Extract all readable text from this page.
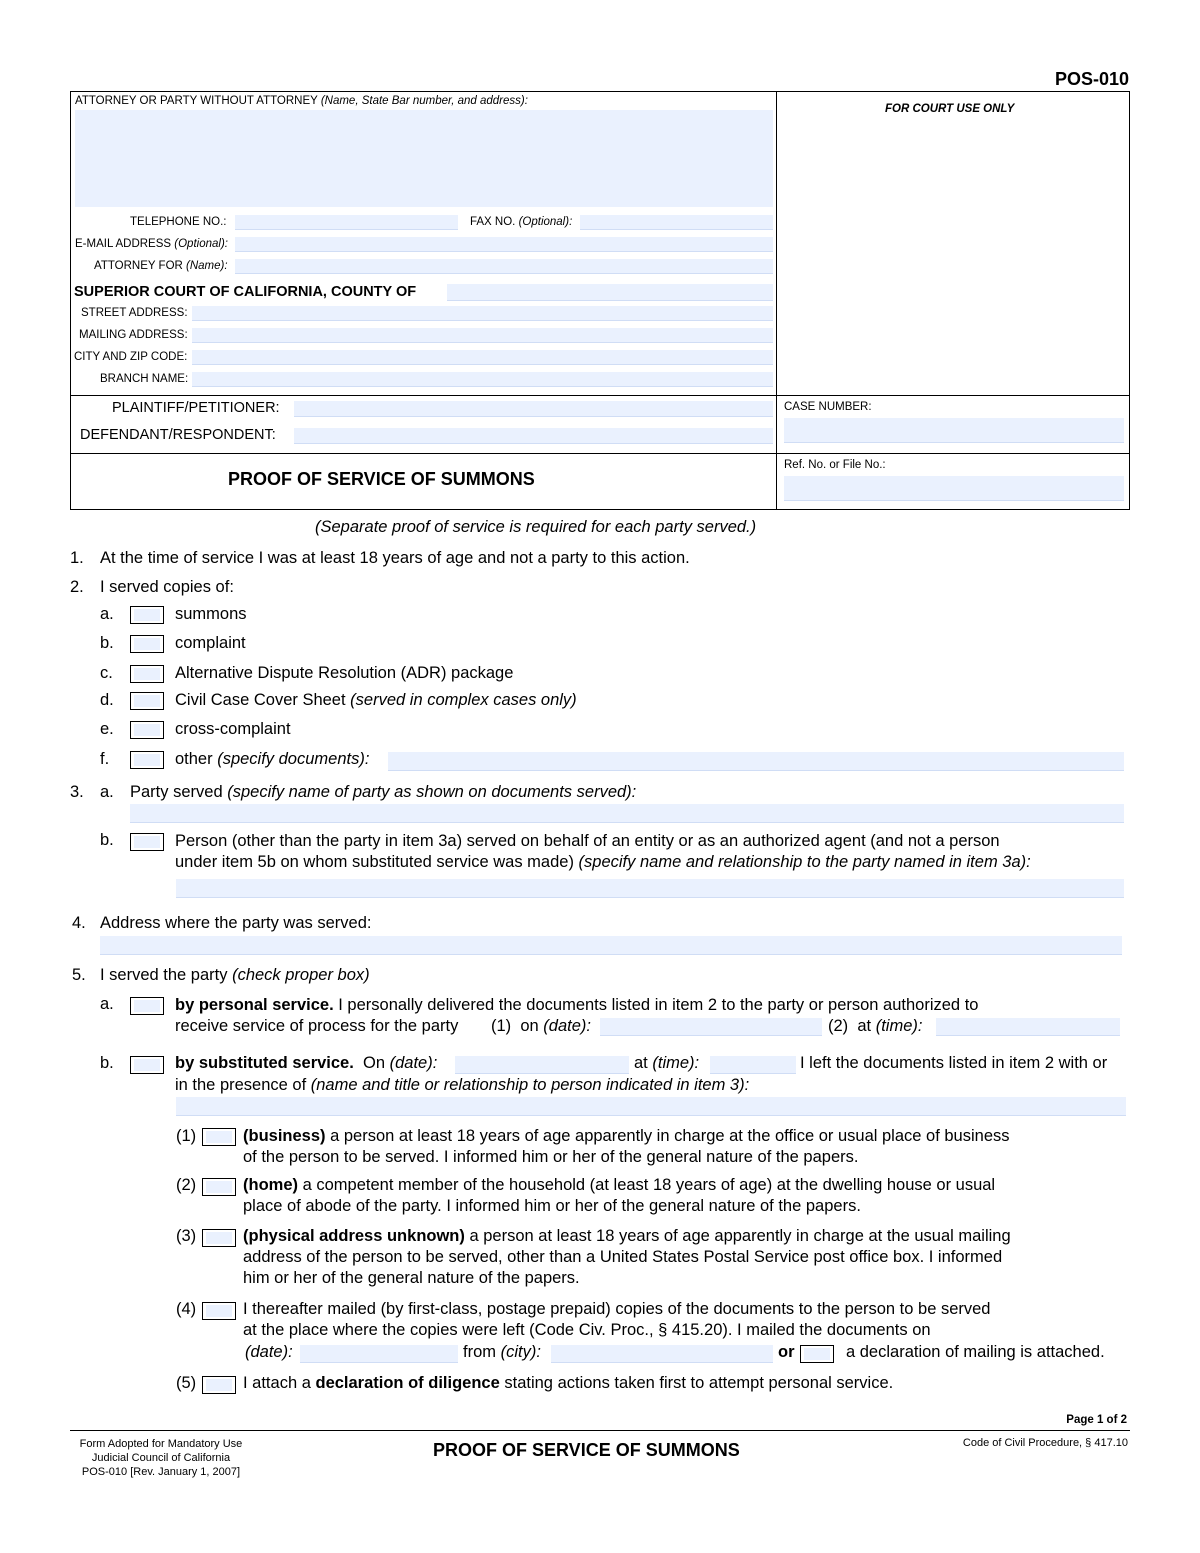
POS-010
ATTORNEY OR PARTY WITHOUT ATTORNEY (Name, State Bar number, and address):
FOR COURT USE ONLY
TELEPHONE NO.:	FAX NO. (Optional):
E-MAIL ADDRESS (Optional):
ATTORNEY FOR (Name):
SUPERIOR COURT OF CALIFORNIA, COUNTY OF
STREET ADDRESS:
MAILING ADDRESS:
CITY AND ZIP CODE:
BRANCH NAME:
PLAINTIFF/PETITIONER:
DEFENDANT/RESPONDENT:
CASE NUMBER:
PROOF OF SERVICE OF SUMMONS
Ref. No. or File No.:
(Separate proof of service is required for each party served.)
1. At the time of service I was at least 18 years of age and not a party to this action.
2. I served copies of:
a.	summons
b.	complaint
c.	Alternative Dispute Resolution (ADR) package
d.	Civil Case Cover Sheet (served in complex cases only)
e.	cross-complaint
f.	other (specify documents):
3. a. Party served (specify name of party as shown on documents served):
b.	Person (other than the party in item 3a) served on behalf of an entity or as an authorized agent (and not a person
under item 5b on whom substituted service was made) (specify name and relationship to the party named in item 3a):
4. Address where the party was served:
5. I served the party (check proper box)
a.	by personal service. I personally delivered the documents listed in item 2 to the party or person authorized to
receive service of process for the party (1) on (date):	(2) at (time):
b.	by substituted service. On (date):	at (time):	I left the documents listed in item 2 with or
in the presence of (name and title or relationship to person indicated in item 3):
(1)	(business) a person at least 18 years of age apparently in charge at the office or usual place of business
of the person to be served. I informed him or her of the general nature of the papers.
(2)	(home) a competent member of the household (at least 18 years of age) at the dwelling house or usual
place of abode of the party. I informed him or her of the general nature of the papers.
(3)	(physical address unknown) a person at least 18 years of age apparently in charge at the usual mailing
address of the person to be served, other than a United States Postal Service post office box. I informed
him or her of the general nature of the papers.
(4)	I thereafter mailed (by first-class, postage prepaid) copies of the documents to the person to be served
at the place where the copies were left (Code Civ. Proc., § 415.20). I mailed the documents on
(date):	from (city):	or	a declaration of mailing is attached.
(5)	I attach a declaration of diligence stating actions taken first to attempt personal service.
Page 1 of 2
Form Adopted for Mandatory Use
Judicial Council of California
POS-010 [Rev. January 1, 2007]
PROOF OF SERVICE OF SUMMONS	Code of Civil Procedure, § 417.10
